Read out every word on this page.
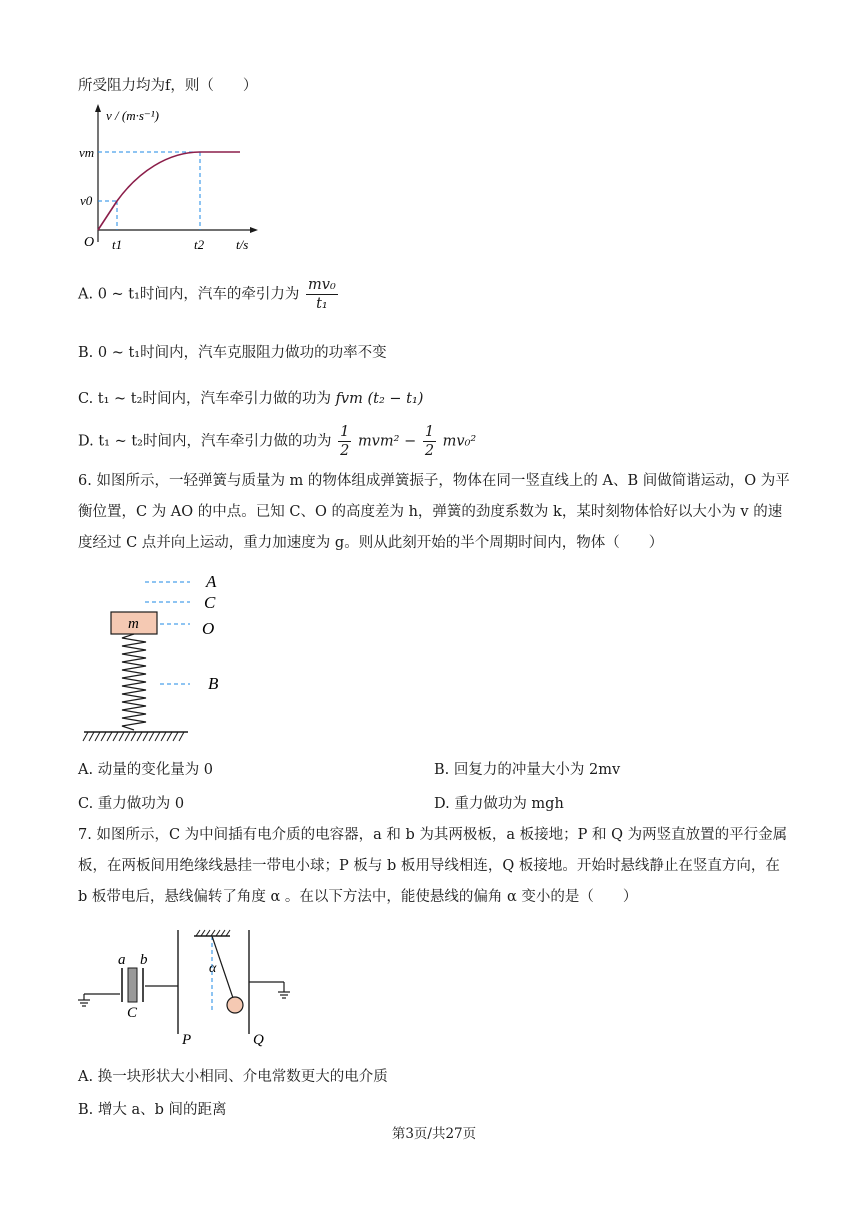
所受阻力均为f，则（　　）
v / (m·s⁻¹)
vm
v0
O t1	t2 t/s
A. 0 ~ t₁时间内，汽车的牵引力为 $\frac{\text{mv₀}}{\text{t₁}}$
B. 0 ~ t₁时间内，汽车克服阻力做功的功率不变
C. t₁ ~ t₂时间内，汽车牵引力做的功为 fvm (t₂ − t₁)
D. t₁ ~ t₂时间内，汽车牵引力做的功为 $\frac{1}{2} mvm^2 - \frac{1}{2} mv_0^2$
6. 如图所示，一轻弹簧与质量为 m 的物体组成弹簧振子，物体在同一竖直线上的 A、B 间做简谐运动，O 为平衡位置，C 为 AO 的中点。已知 C、O 的高度差为 h，弹簧的劲度系数为 k，某时刻物体恰好以大小为 v 的速度经过 C 点并向上运动，重力加速度为 g。则从此刻开始的半个周期时间内，物体（　　）
A
C
O
B
m
A. 动量的变化量为 0	B. 回复力的冲量大小为 2mv
C. 重力做功为 0	D. 重力做功为 mgh
7. 如图所示，C 为中间插有电介质的电容器，a 和 b 为其两极板，a 板接地；P 和 Q 为两竖直放置的平行金属板，在两板间用绝缘线悬挂一带电小球；P 板与 b 板用导线相连，Q 板接地。开始时悬线静止在竖直方向，在 b 板带电后，悬线偏转了角度 α 。在以下方法中，能使悬线的偏角 α 变小的是（　　）
a b
C
P	Q
α
A. 换一块形状大小相同、介电常数更大的电介质
B. 增大 a、b 间的距离
第3页/共27页
